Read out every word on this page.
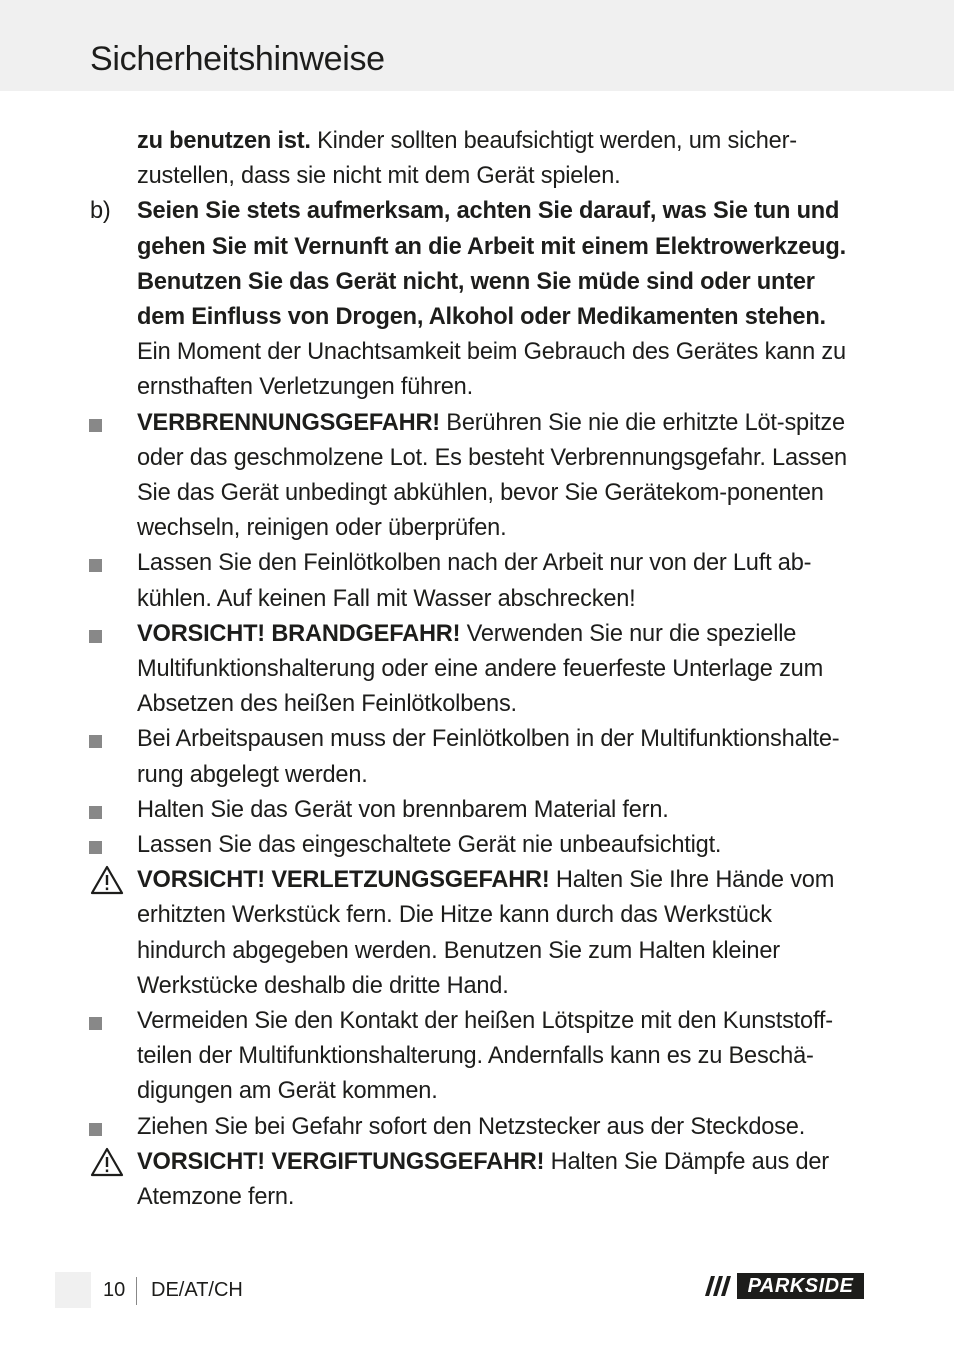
Sicherheitshinweise
zu benutzen ist. Kinder sollten beaufsichtigt werden, um sicher-zustellen, dass sie nicht mit dem Gerät spielen.
b) Seien Sie stets aufmerksam, achten Sie darauf, was Sie tun und gehen Sie mit Vernunft an die Arbeit mit einem Elektrowerkzeug. Benutzen Sie das Gerät nicht, wenn Sie müde sind oder unter dem Einfluss von Drogen, Alkohol oder Medikamenten stehen. Ein Moment der Unachtsamkeit beim Gebrauch des Gerätes kann zu ernsthaften Verletzungen führen.
VERBRENNUNGSGEFAHR! Berühren Sie nie die erhitzte Löt-spitze oder das geschmolzene Lot. Es besteht Verbrennungsgefahr. Lassen Sie das Gerät unbedingt abkühlen, bevor Sie Gerätekom-ponenten wechseln, reinigen oder überprüfen.
Lassen Sie den Feinlötkolben nach der Arbeit nur von der Luft ab-kühlen. Auf keinen Fall mit Wasser abschrecken!
VORSICHT! BRANDGEFAHR! Verwenden Sie nur die spezielle Multifunktionshalterung oder eine andere feuerfeste Unterlage zum Absetzen des heißen Feinlötkolbens.
Bei Arbeitspausen muss der Feinlötkolben in der Multifunktionshalte-rung abgelegt werden.
Halten Sie das Gerät von brennbarem Material fern.
Lassen Sie das eingeschaltete Gerät nie unbeaufsichtigt.
VORSICHT! VERLETZUNGSGEFAHR! Halten Sie Ihre Hände vom erhitzten Werkstück fern. Die Hitze kann durch das Werkstück hindurch abgegeben werden. Benutzen Sie zum Halten kleiner Werkstücke deshalb die dritte Hand.
Vermeiden Sie den Kontakt der heißen Lötspitze mit den Kunststoff-teilen der Multifunktionshalterung. Andernfalls kann es zu Beschä-digungen am Gerät kommen.
Ziehen Sie bei Gefahr sofort den Netzstecker aus der Steckdose.
VORSICHT! VERGIFTUNGSGEFAHR! Halten Sie Dämpfe aus der Atemzone fern.
10 DE/AT/CH	PARKSIDE
